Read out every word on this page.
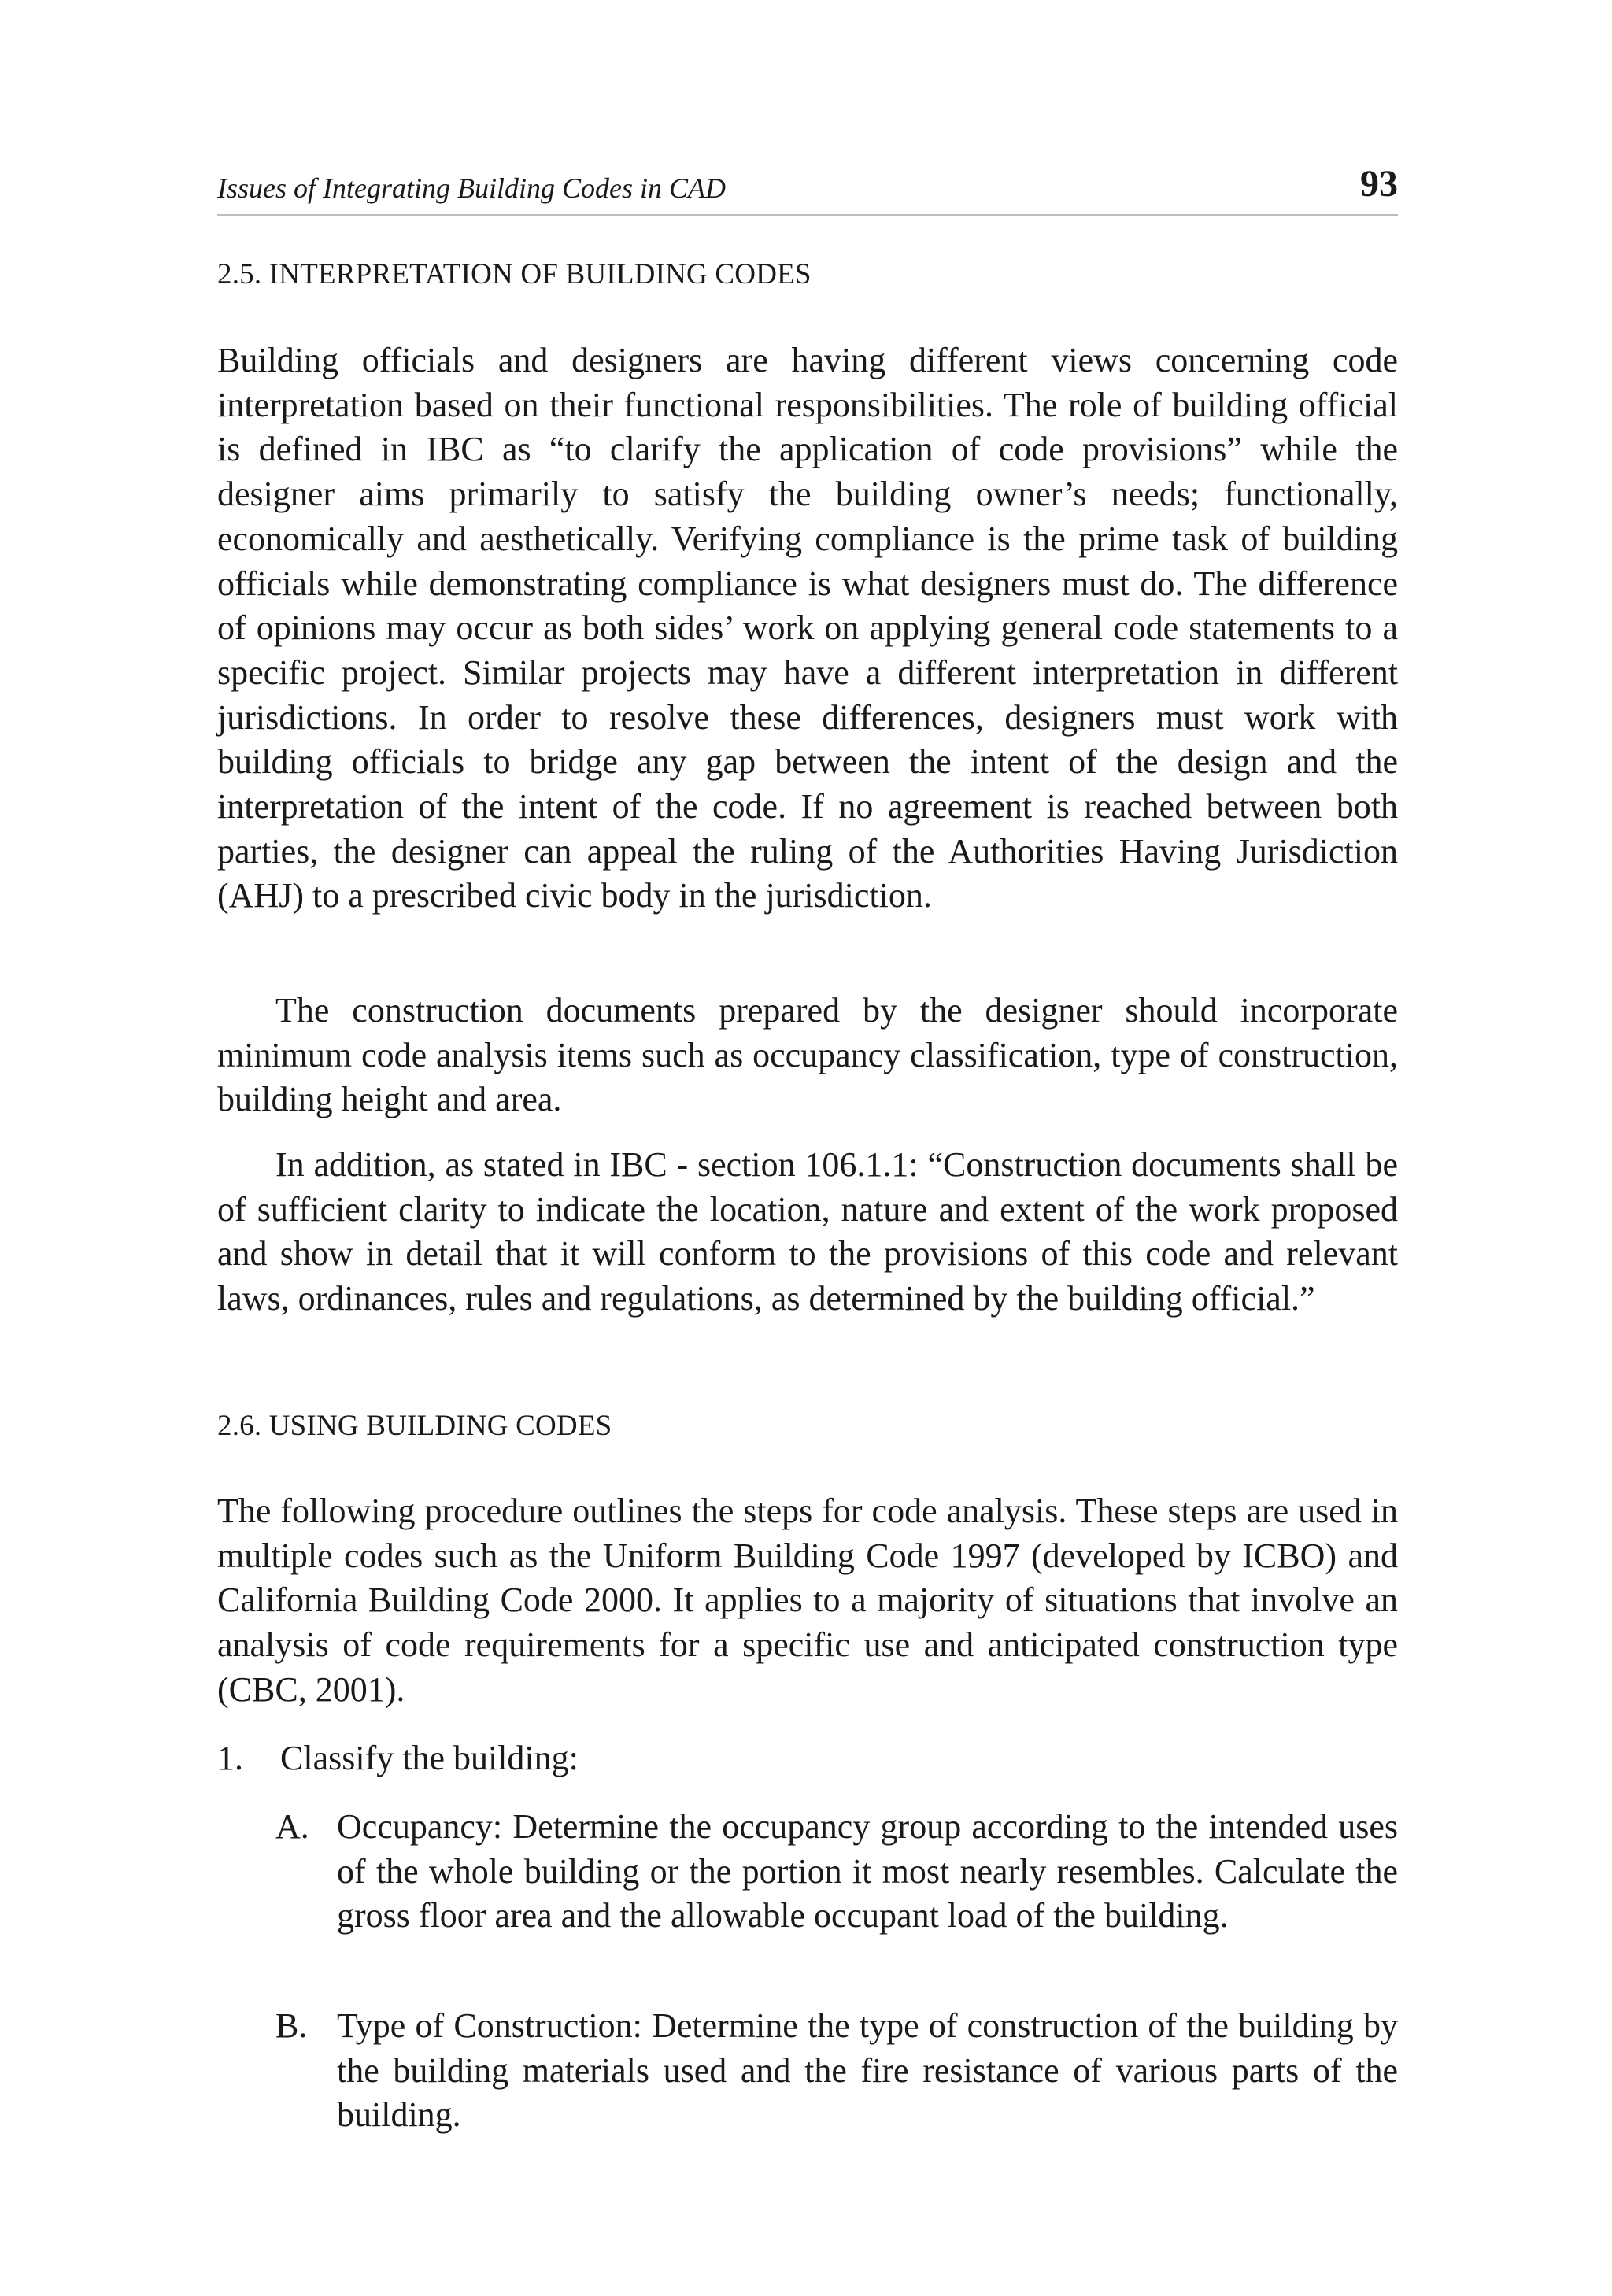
Issues of Integrating Building Codes in CAD	93
2.5. INTERPRETATION OF BUILDING CODES

Building officials and designers are having different views concerning code interpretation based on their functional responsibilities. The role of building official is defined in IBC as “to clarify the application of code provisions” while the designer aims primarily to satisfy the building owner’s needs; functionally, economically and aesthetically. Verifying compliance is the prime task of building officials while demonstrating compliance is what designers must do. The difference of opinions may occur as both sides’ work on applying general code statements to a specific project. Similar projects may have a different interpretation in different jurisdictions. In order to resolve these differences, designers must work with building officials to bridge any gap between the intent of the design and the interpretation of the intent of the code. If no agreement is reached between both parties, the designer can appeal the ruling of the Authorities Having Jurisdiction (AHJ) to a prescribed civic body in the jurisdiction.

The construction documents prepared by the designer should incorporate minimum code analysis items such as occupancy classification, type of construction, building height and area.

In addition, as stated in IBC - section 106.1.1: “Construction documents shall be of sufficient clarity to indicate the location, nature and extent of the work proposed and show in detail that it will conform to the provisions of this code and relevant laws, ordinances, rules and regulations, as determined by the building official.”

2.6. USING BUILDING CODES

The following procedure outlines the steps for code analysis. These steps are used in multiple codes such as the Uniform Building Code 1997 (developed by ICBO) and California Building Code 2000. It applies to a majority of situations that involve an analysis of code requirements for a specific use and anticipated construction type (CBC, 2001).

1. Classify the building:
A. Occupancy: Determine the occupancy group according to the intended uses of the whole building or the portion it most nearly resembles. Calculate the gross floor area and the allowable occupant load of the building.
B. Type of Construction: Determine the type of construction of the building by the building materials used and the fire resistance of various parts of the building.
